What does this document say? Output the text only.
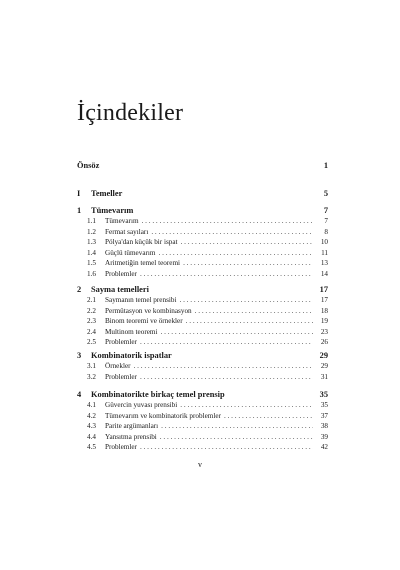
İçindekiler
Önsöz	1
I	Temeller	5
1	Tümevarım	7
1.1	Tümevarım . . .	7
1.2	Fermat sayıları . . .	8
1.3	Pólya'dan küçük bir ispat . . .	10
1.4	Güçlü tümevarım . . .	11
1.5	Aritmetiğin temel teoremi . . .	13
1.6	Problemler . . .	14
2	Sayma temelleri	17
2.1	Saymanın temel prensibi . . .	17
2.2	Permütasyon ve kombinasyon . . .	18
2.3	Binom teoremi ve örnekler . . .	19
2.4	Multinom teoremi . . .	23
2.5	Problemler . . .	26
3	Kombinatorik ispatlar	29
3.1	Örnekler . . .	29
3.2	Problemler . . .	31
4	Kombinatorikte birkaç temel prensip	35
4.1	Güvercin yuvası prensibi . . .	35
4.2	Tümevarım ve kombinatorik problemler . . .	37
4.3	Parite argümanları . . .	38
4.4	Yansıtma prensibi . . .	39
4.5	Problemler . . .	42
v
